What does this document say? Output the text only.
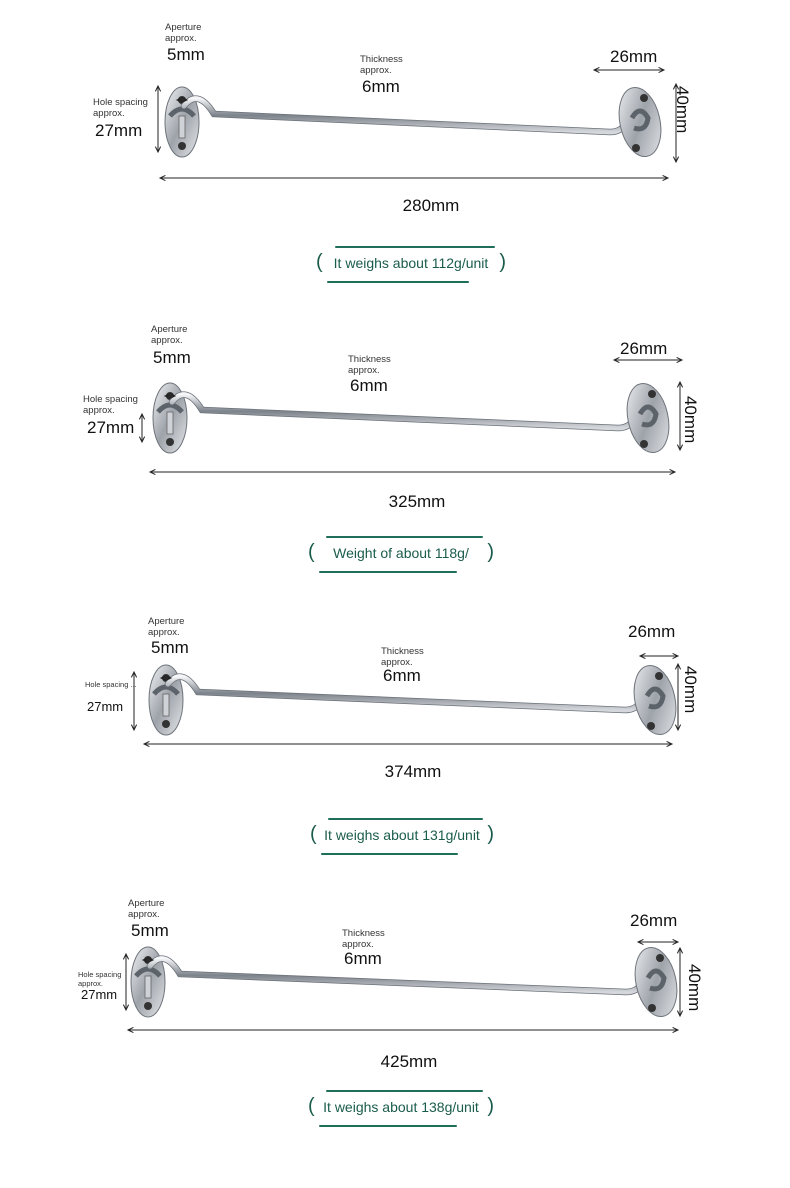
Aperture approx.
5mm	Thickness approx.
6mm
Hole spacing approx.
27mm
26mm
40mm
280mm
( It weighs about 112g/unit )
Aperture approx.
5mm	Thickness approx.
6mm
Hole spacing approx.
27mm
26mm
40mm
325mm
(	Weight of about 118g/ )
Aperture approx.
5mm	Thickness approx.
6mm
Hole spacing ...
27mm
26mm
40mm
374mm
( It weighs about 131g/unit )
Aperture approx.
5mm	Thickness approx.
6mm
Hole spacing approx.
27mm
26mm
40mm
425mm
( It weighs about 138g/unit )
